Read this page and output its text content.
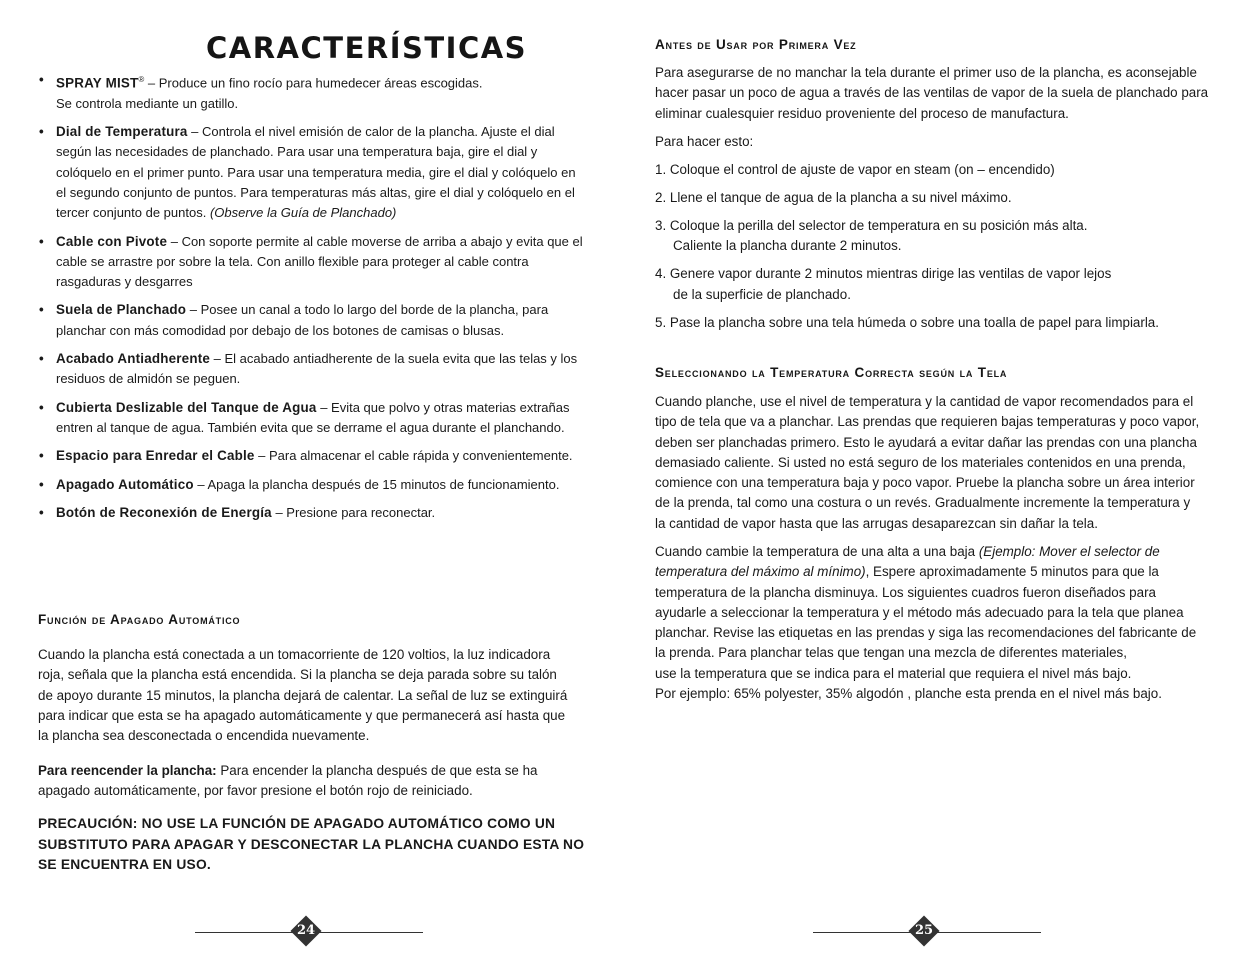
CARACTERÍSTICAS
• SPRAY MIST® – Produce un fino rocío para humedecer áreas escogidas.
Se controla mediante un gatillo.
• Dial de Temperatura – Controla el nivel emisión de calor de la plancha. Ajuste el dial según las necesidades de planchado. Para usar una temperatura baja, gire el dial y colóquelo en el primer punto. Para usar una temperatura media, gire el dial y colóquelo en el segundo conjunto de puntos. Para temperaturas más altas, gire el dial y colóquelo en el tercer conjunto de puntos. (Observe la Guía de Planchado)
• Cable con Pivote – Con soporte permite al cable moverse de arriba a abajo y evita que el cable se arrastre por sobre la tela. Con anillo flexible para proteger al cable contra rasgaduras y desgarres
• Suela de Planchado – Posee un canal a todo lo largo del borde de la plancha, para planchar con más comodidad por debajo de los botones de camisas o blusas.
• Acabado Antiadherente – El acabado antiadherente de la suela evita que las telas y los residuos de almidón se peguen.
• Cubierta Deslizable del Tanque de Agua – Evita que polvo y otras materias extrañas entren al tanque de agua. También evita que se derrame el agua durante el planchando.
• Espacio para Enredar el Cable – Para almacenar el cable rápida y convenientemente.
• Apagado Automático – Apaga la plancha después de 15 minutos de funcionamiento.
• Botón de Reconexión de Energía – Presione para reconectar.
Función de Apagado Automático

Cuando la plancha está conectada a un tomacorriente de 120 voltios, la luz indicadora roja, señala que la plancha está encendida. Si la plancha se deja parada sobre su talón de apoyo durante 15 minutos, la plancha dejará de calentar. La señal de luz se extinguirá para indicar que esta se ha apagado automáticamente y que permanecerá así hasta que la plancha sea desconectada o encendida nuevamente.

Para reencender la plancha: Para encender la plancha después de que esta se ha apagado automáticamente, por favor presione el botón rojo de reiniciado.

PRECAUCIÓN: NO USE LA FUNCIÓN DE APAGADO AUTOMÁTICO COMO UN SUBSTITUTO PARA APAGAR Y DESCONECTAR LA PLANCHA CUANDO ESTA NO SE ENCUENTRA EN USO.

24
Antes de Usar por Primera Vez

Para asegurarse de no manchar la tela durante el primer uso de la plancha, es aconsejable hacer pasar un poco de agua a través de las ventilas de vapor de la suela de planchado para eliminar cualesquier residuo proveniente del proceso de manufactura.

Para hacer esto:

1. Coloque el control de ajuste de vapor en steam (on – encendido)
2. Llene el tanque de agua de la plancha a su nivel máximo.
3. Coloque la perilla del selector de temperatura en su posición más alta.
Caliente la plancha durante 2 minutos.
4. Genere vapor durante 2 minutos mientras dirige las ventilas de vapor lejos
de la superficie de planchado.
5. Pase la plancha sobre una tela húmeda o sobre una toalla de papel para limpiarla.
Seleccionando la Temperatura Correcta según la Tela

Cuando planche, use el nivel de temperatura y la cantidad de vapor recomendados para el tipo de tela que va a planchar. Las prendas que requieren bajas temperaturas y poco vapor, deben ser planchadas primero. Esto le ayudará a evitar dañar las prendas con una plancha demasiado caliente. Si usted no está seguro de los materiales contenidos en una prenda, comience con una temperatura baja y poco vapor. Pruebe la plancha sobre un área interior de la prenda, tal como una costura o un revés. Gradualmente incremente la temperatura y la cantidad de vapor hasta que las arrugas desaparezcan sin dañar la tela.

Cuando cambie la temperatura de una alta a una baja (Ejemplo: Mover el selector de temperatura del máximo al mínimo), Espere aproximadamente 5 minutos para que la temperatura de la plancha disminuya. Los siguientes cuadros fueron diseñados para ayudarle a seleccionar la temperatura y el método más adecuado para la tela que planea planchar. Revise las etiquetas en las prendas y siga las recomendaciones del fabricante de la prenda. Para planchar telas que tengan una mezcla de diferentes materiales,
use la temperatura que se indica para el material que requiera el nivel más bajo.
Por ejemplo: 65% polyester, 35% algodón , planche esta prenda en el nivel más bajo.

25
